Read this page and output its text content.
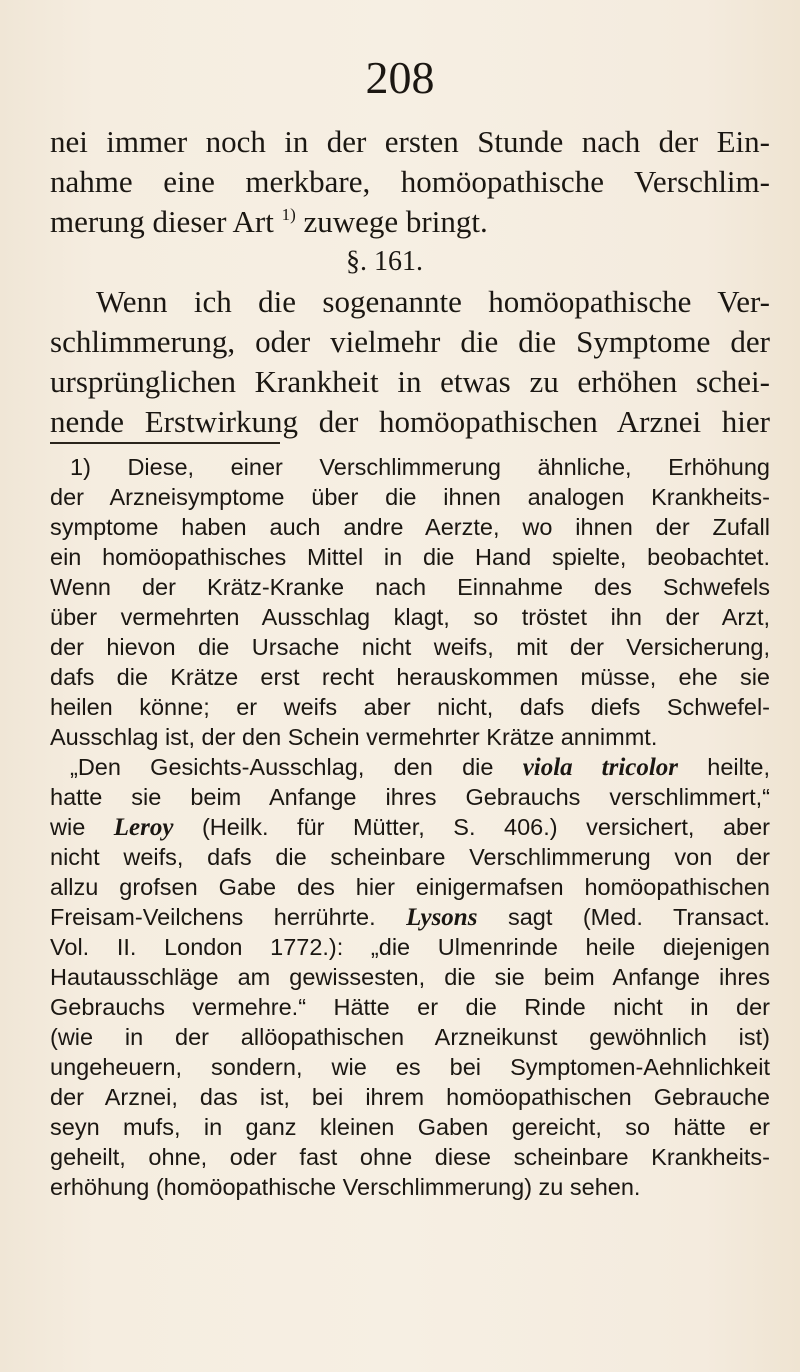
208
nei immer noch in der ersten Stunde nach der Ein-
nahme eine merkbare, homöopathische Verschlim-
merung dieser Art $^{1)}$ zuwege bringt.
§. 161.
Wenn ich die sogenannte homöopathische Ver-
schlimmerung, oder vielmehr die die Symptome der
ursprünglichen Krankheit in etwas zu erhöhen schei-
nende Erstwirkung der homöopathischen Arznei hier
1) Diese, einer Verschlimmerung ähnliche, Erhöhung
der Arzneisymptome über die ihnen analogen Krankheits-
symptome haben auch andre Aerzte, wo ihnen der Zufall
ein homöopathisches Mittel in die Hand spielte, beobachtet.
Wenn der Krätz-Kranke nach Einnahme des Schwefels
über vermehrten Ausschlag klagt, so tröstet ihn der Arzt,
der hievon die Ursache nicht weifs, mit der Versicherung,
dafs die Krätze erst recht herauskommen müsse, ehe sie
heilen könne; er weifs aber nicht, dafs diefs Schwefel-
Ausschlag ist, der den Schein vermehrter Krätze annimmt.
„Den Gesichts-Ausschlag, den die viola tricolor heilte,
hatte sie beim Anfange ihres Gebrauchs verschlimmert,“
wie Leroy (Heilk. für Mütter, S. 406.) versichert, aber
nicht weifs, dafs die scheinbare Verschlimmerung von der
allzu grofsen Gabe des hier einigermafsen homöopathischen
Freisam-Veilchens herrührte. Lysons sagt (Med. Transact.
Vol. II. London 1772.): „die Ulmenrinde heile diejenigen
Hautausschläge am gewissesten, die sie beim Anfange ihres
Gebrauchs vermehre.“ Hätte er die Rinde nicht in der
(wie in der allöopathischen Arzneikunst gewöhnlich ist)
ungeheuern, sondern, wie es bei Symptomen-Aehnlichkeit
der Arznei, das ist, bei ihrem homöopathischen Gebrauche
seyn mufs, in ganz kleinen Gaben gereicht, so hätte er
geheilt, ohne, oder fast ohne diese scheinbare Krankheits-
erhöhung (homöopathische Verschlimmerung) zu sehen.
